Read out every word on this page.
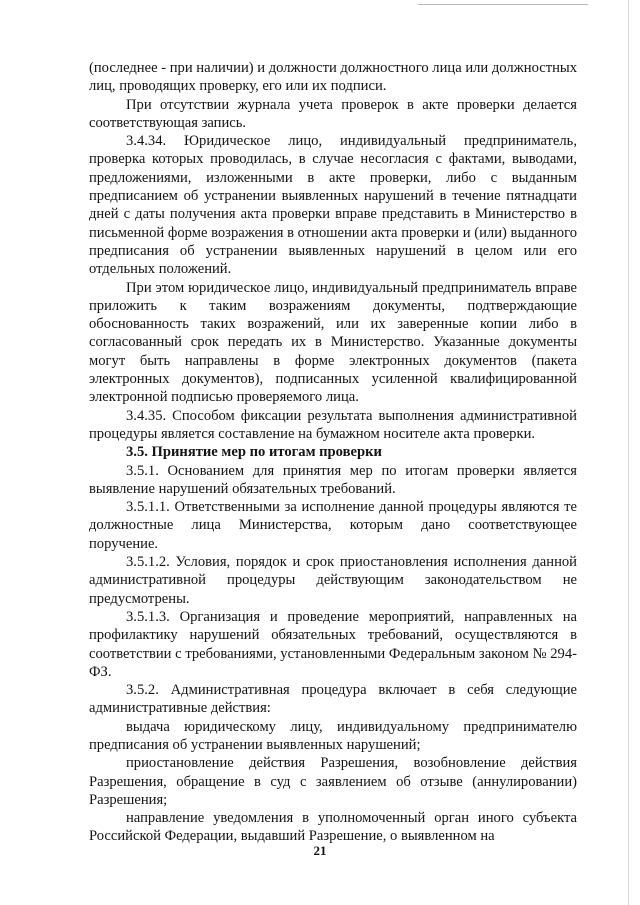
(последнее - при наличии) и должности должностного лица или должностных лиц, проводящих проверку, его или их подписи.

При отсутствии журнала учета проверок в акте проверки делается соответствующая запись.

3.4.34. Юридическое лицо, индивидуальный предприниматель, проверка которых проводилась, в случае несогласия с фактами, выводами, предложениями, изложенными в акте проверки, либо с выданным предписанием об устранении выявленных нарушений в течение пятнадцати дней с даты получения акта проверки вправе представить в Министерство в письменной форме возражения в отношении акта проверки и (или) выданного предписания об устранении выявленных нарушений в целом или его отдельных положений.

При этом юридическое лицо, индивидуальный предприниматель вправе приложить к таким возражениям документы, подтверждающие обоснованность таких возражений, или их заверенные копии либо в согласованный срок передать их в Министерство. Указанные документы могут быть направлены в форме электронных документов (пакета электронных документов), подписанных усиленной квалифицированной электронной подписью проверяемого лица.

3.4.35. Способом фиксации результата выполнения административной процедуры является составление на бумажном носителе акта проверки.

3.5. Принятие мер по итогам проверки

3.5.1. Основанием для принятия мер по итогам проверки является выявление нарушений обязательных требований.

3.5.1.1. Ответственными за исполнение данной процедуры являются те должностные лица Министерства, которым дано соответствующее поручение.

3.5.1.2. Условия, порядок и срок приостановления исполнения данной административной процедуры действующим законодательством не предусмотрены.

3.5.1.3. Организация и проведение мероприятий, направленных на профилактику нарушений обязательных требований, осуществляются в соответствии с требованиями, установленными Федеральным законом № 294-ФЗ.

3.5.2. Административная процедура включает в себя следующие административные действия:

выдача юридическому лицу, индивидуальному предпринимателю предписания об устранении выявленных нарушений;

приостановление действия Разрешения, возобновление действия Разрешения, обращение в суд с заявлением об отзыве (аннулировании) Разрешения;

направление уведомления в уполномоченный орган иного субъекта Российской Федерации, выдавший Разрешение, о выявленном на

21
